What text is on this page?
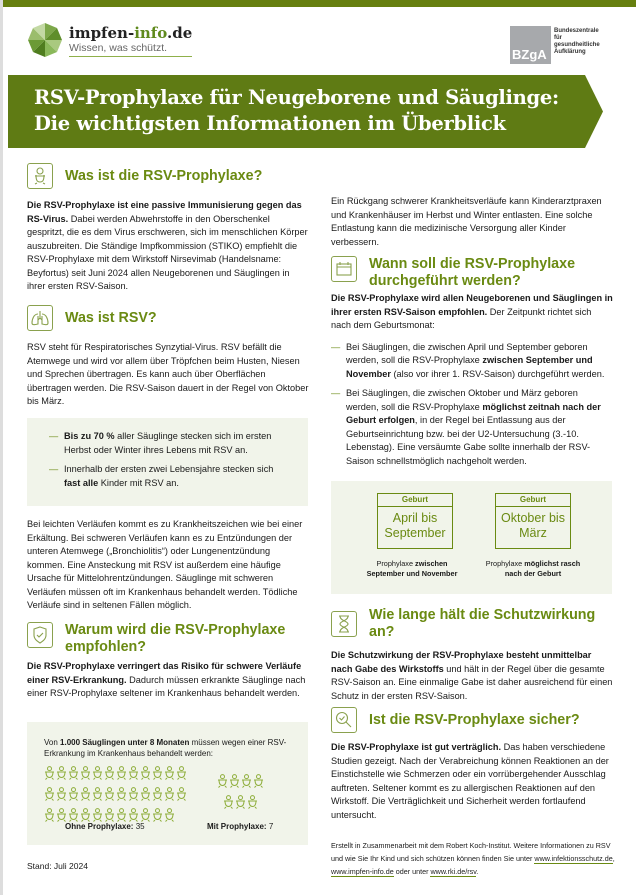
impfen-info.de
Wissen, was schützt.	BZgA
Bundeszentrale
für
gesundheitliche
Aufklärung
RSV-Prophylaxe für Neugeborene und Säuglinge:
Die wichtigsten Informationen im Überblick
Was ist die RSV-Prophylaxe?

Die RSV-Prophylaxe ist eine passive Immunisierung gegen das RS-Virus. Dabei werden Abwehrstoffe in den Oberschenkel gespritzt, die es dem Virus erschweren, sich im menschlichen Körper auszubreiten. Die Ständige Impfkommission (STIKO) empfiehlt die RSV-Prophylaxe mit dem Wirkstoff Nirsevimab (Handelsname: Beyfortus) seit Juni 2024 allen Neugeborenen und Säuglingen in ihrer ersten RSV-Saison.

Was ist RSV?

RSV steht für Respiratorisches Synzytial-Virus. RSV befällt die Atemwege und wird vor allem über Tröpfchen beim Husten, Niesen und Sprechen übertragen. Es kann auch über Oberflächen übertragen werden. Die RSV-Saison dauert in der Regel von Oktober bis März.

— Bis zu 70 % aller Säuglinge stecken sich im ersten Herbst oder Winter ihres Lebens mit RSV an.
— Innerhalb der ersten zwei Lebensjahre stecken sich fast alle Kinder mit RSV an.

Bei leichten Verläufen kommt es zu Krankheitszeichen wie bei einer Erkältung. Bei schweren Verläufen kann es zu Entzündungen der unteren Atemwege („Bronchiolitis“) oder Lungenentzündung kommen. Eine Ansteckung mit RSV ist außerdem eine häufige Ursache für Mittelohrentzündungen. Säuglinge mit schweren Verläufen müssen oft im Krankenhaus behandelt werden. Tödliche Verläufe sind in seltenen Fällen möglich.

Warum wird die RSV-Prophylaxe empfohlen?

Die RSV-Prophylaxe verringert das Risiko für schwere Verläufe einer RSV-Erkrankung. Dadurch müssen erkrankte Säuglinge nach einer RSV-Prophylaxe seltener im Krankenhaus behandelt werden.

Von 1.000 Säuglingen unter 8 Monaten müssen wegen einer RSV-Erkrankung im Krankenhaus behandelt werden:
Ohne Prophylaxe: 35	Mit Prophylaxe: 7
Stand: Juli 2024

Ein Rückgang schwerer Krankheitsverläufe kann Kinderarztpraxen und Krankenhäuser im Herbst und Winter entlasten. Eine solche Entlastung kann die medizinische Versorgung aller Kinder verbessern.

Wann soll die RSV-Prophylaxe durchgeführt werden?

Die RSV-Prophylaxe wird allen Neugeborenen und Säuglingen in ihrer ersten RSV-Saison empfohlen. Der Zeitpunkt richtet sich nach dem Geburtsmonat:

— Bei Säuglingen, die zwischen April und September geboren werden, soll die RSV-Prophylaxe zwischen September und November (also vor ihrer 1. RSV-Saison) durchgeführt werden.
— Bei Säuglingen, die zwischen Oktober und März geboren werden, soll die RSV-Prophylaxe möglichst zeitnah nach der Geburt erfolgen, in der Regel bei Entlassung aus der Geburtseinrichtung bzw. bei der U2-Untersuchung (3.-10. Lebenstag). Eine versäumte Gabe sollte innerhalb der RSV-Saison schnellstmöglich nachgeholt werden.
Geburt
April bis September
Prophylaxe zwischen September und November
Geburt
Oktober bis März
Prophylaxe möglichst rasch nach der Geburt
Wie lange hält die Schutzwirkung an?

Die Schutzwirkung der RSV-Prophylaxe besteht unmittelbar nach Gabe des Wirkstoffs und hält in der Regel über die gesamte RSV-Saison an. Eine einmalige Gabe ist daher ausreichend für einen Schutz in der ersten RSV-Saison.

Ist die RSV-Prophylaxe sicher?

Die RSV-Prophylaxe ist gut verträglich. Das haben verschiedene Studien gezeigt. Nach der Verabreichung können Reaktionen an der Einstichstelle wie Schmerzen oder ein vorrübergehender Ausschlag auftreten. Seltener kommt es zu allergischen Reaktionen auf den Wirkstoff. Die Verträglichkeit und Sicherheit werden fortlaufend untersucht.

Erstellt in Zusammenarbeit mit dem Robert Koch-Institut. Weitere Informationen zu RSV und wie Sie Ihr Kind und sich schützen können finden Sie unter www.infektionsschutz.de, www.impfen-info.de oder unter www.rki.de/rsv.
